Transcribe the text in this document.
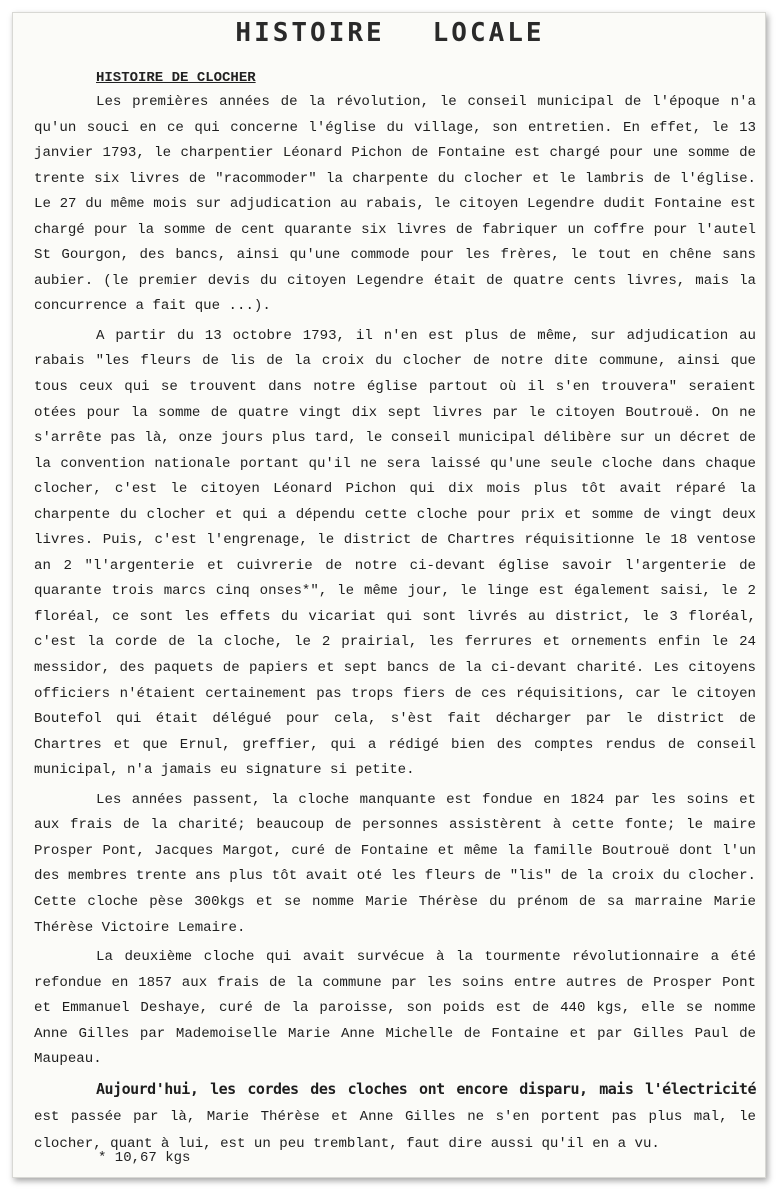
HISTOIRE LOCALE
HISTOIRE DE CLOCHER

Les premières années de la révolution, le conseil municipal de l'époque n'a qu'un souci en ce qui concerne l'église du village, son entretien. En effet, le 13 janvier 1793, le charpentier Léonard Pichon de Fontaine est chargé pour une somme de trente six livres de "racommoder" la charpente du clocher et le lambris de l'église. Le 27 du même mois sur adjudication au rabais, le citoyen Legendre dudit Fontaine est chargé pour la somme de cent quarante six livres de fabriquer un coffre pour l'autel St Gourgon, des bancs, ainsi qu'une commode pour les frères, le tout en chêne sans aubier. (le premier devis du citoyen Legendre était de quatre cents livres, mais la concurrence a fait que ...).

A partir du 13 octobre 1793, il n'en est plus de même, sur adjudication au rabais "les fleurs de lis de la croix du clocher de notre dite commune, ainsi que tous ceux qui se trouvent dans notre église partout où il s'en trouvera" seraient otées pour la somme de quatre vingt dix sept livres par le citoyen Boutrouë. On ne s'arrête pas là, onze jours plus tard, le conseil municipal délibère sur un décret de la convention nationale portant qu'il ne sera laissé qu'une seule cloche dans chaque clocher, c'est le citoyen Léonard Pichon qui dix mois plus tôt avait réparé la charpente du clocher et qui a dépendu cette cloche pour prix et somme de vingt deux livres. Puis, c'est l'engrenage, le district de Chartres réquisitionne le 18 ventose an 2 "l'argenterie et cuivrerie de notre ci-devant église savoir l'argenterie de quarante trois marcs cinq onses*", le même jour, le linge est également saisi, le 2 floréal, ce sont les effets du vicariat qui sont livrés au district, le 3 floréal, c'est la corde de la cloche, le 2 prairial, les ferrures et ornements enfin le 24 messidor, des paquets de papiers et sept bancs de la ci-devant charité. Les citoyens officiers n'étaient certainement pas trops fiers de ces réquisitions, car le citoyen Boutefol qui était délégué pour cela, s'èst fait décharger par le district de Chartres et que Ernul, greffier, qui a rédigé bien des comptes rendus de conseil municipal, n'a jamais eu signature si petite.

Les années passent, la cloche manquante est fondue en 1824 par les soins et aux frais de la charité; beaucoup de personnes assistèrent à cette fonte; le maire Prosper Pont, Jacques Margot, curé de Fontaine et même la famille Boutrouë dont l'un des membres trente ans plus tôt avait oté les fleurs de "lis" de la croix du clocher. Cette cloche pèse 300kgs et se nomme Marie Thérèse du prénom de sa marraine Marie Thérèse Victoire Lemaire.

La deuxième cloche qui avait survécue à la tourmente révolutionnaire a été refondue en 1857 aux frais de la commune par les soins entre autres de Prosper Pont et Emmanuel Deshaye, curé de la paroisse, son poids est de 440 kgs, elle se nomme Anne Gilles par Mademoiselle Marie Anne Michelle de Fontaine et par Gilles Paul de Maupeau.

Aujourd'hui, les cordes des cloches ont encore disparu, mais l'électricité est passée par là, Marie Thérèse et Anne Gilles ne s'en portent pas plus mal, le clocher, quant à lui, est un peu tremblant, faut dire aussi qu'il en a vu.

* 10,67 kgs
